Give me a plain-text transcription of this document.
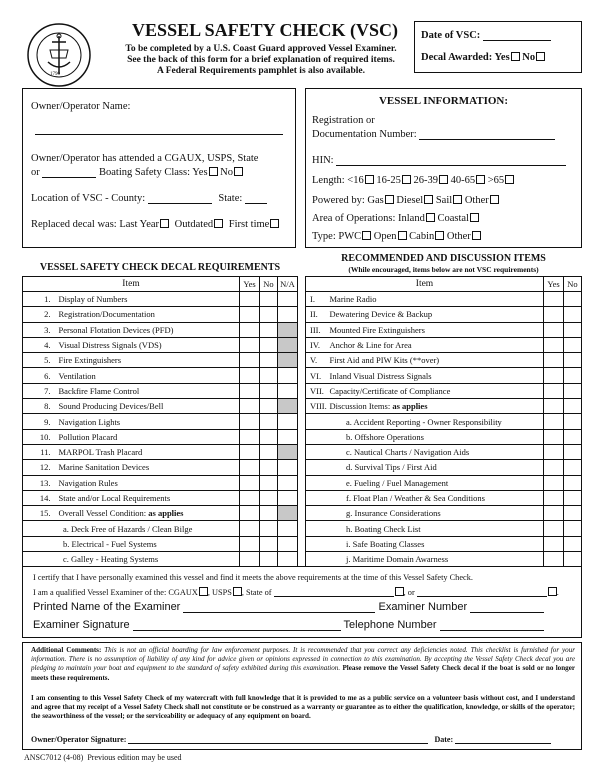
1790
VESSEL SAFETY CHECK (VSC)
To be completed by a U.S. Coast Guard approved Vessel Examiner.
See the back of this form for a brief explanation of required items.
A Federal Requirements pamphlet is also available.
Date of VSC:
Decal Awarded: Yes No
Owner/Operator Name:
Owner/Operator has attended a CGAUX, USPS, State
or	Boating Safety Class: Yes No
Location of VSC - County:	State:
Replaced decal was: Last Year Outdated First time
VESSEL INFORMATION:
Registration or
Documentation Number:
HIN:
Length: <16 16-25 26-39 40-65 >65
Powered by: Gas Diesel Sail Other
Area of Operations: Inland Coastal
Type: PWC Open Cabin Other
VESSEL SAFETY CHECK DECAL REQUIREMENTS
RECOMMENDED AND DISCUSSION ITEMS
(While encouraged, items below are not VSC requirements)
Item		Yes	No	N/A
1.	Display of Numbers			
2.	Registration/Documentation			
3.	Personal Flotation Devices (PFD)			
4.	Visual Distress Signals (VDS)			
5.	Fire Extinguishers			
6.	Ventilation			
7.	Backfire Flame Control			
8.	Sound Producing Devices/Bell			
9.	Navigation Lights			
10.	Pollution Placard			
11.	MARPOL Trash Placard			
12.	Marine Sanitation Devices			
13.	Navigation Rules			
14.	State and/or Local Requirements			
15.	Overall Vessel Condition: as applies			
a. Deck Free of Hazards / Clean Bilge				
b. Electrical - Fuel Systems				
c. Galley - Heating Systems				
Item		Yes	No
I.	Marine Radio		
II.	Dewatering Device & Backup		
III.	Mounted Fire Extinguishers		
IV.	Anchor & Line for Area		
V.	First Aid and PIW Kits (**over)		
VI.	Inland Visual Distress Signals		
VII.	Capacity/Certificate of Compliance		
VIII.	Discussion Items: as applies		
a. Accident Reporting - Owner Responsibility			
b. Offshore Operations			
c. Nautical Charts / Navigation Aids			
d. Survival Tips / First Aid			
e. Fueling / Fuel Management			
f. Float Plan / Weather & Sea Conditions			
g. Insurance Considerations			
h. Boating Check List			
i. Safe Boating Classes			
j. Maritime Domain Awarness			
I certify that I have personally examined this vessel and find it meets the above requirements at the time of this Vessel Safety Check.
I am a qualified Vessel Examiner of the: CGAUX , USPS , State of	, or	.
Printed Name of the Examiner	Examiner Number
Examiner Signature	Telephone Number
Additional Comments: This is not an official boarding for law enforcement purposes. It is recommended that you correct any deficiencies noted. This checklist is furnished for your information. There is no assumption of liability of any kind for advice given or opinions expressed in connection to this examination. By accepting the Vessel Safety Check decal you are pledging to maintain your boat and equipment to the standard of safety exhibited during this examination. Please remove the Vessel Safety Check decal if the boat is sold or no longer meets these requirements.
I am consenting to this Vessel Safety Check of my watercraft with full knowledge that it is provided to me as a public service on a volunteer basis without cost, and I understand and agree that my receipt of a Vessel Safety Check shall not constitute or be construed as a warranty or guarantee as to either the qualification, knowledge, or skills of the operator; the seaworthiness of the vessel; or the serviceability or adequacy of any equipment on board.
Owner/Operator Signature:	Date:
ANSC7012 (4-08)  Previous edition may be used
